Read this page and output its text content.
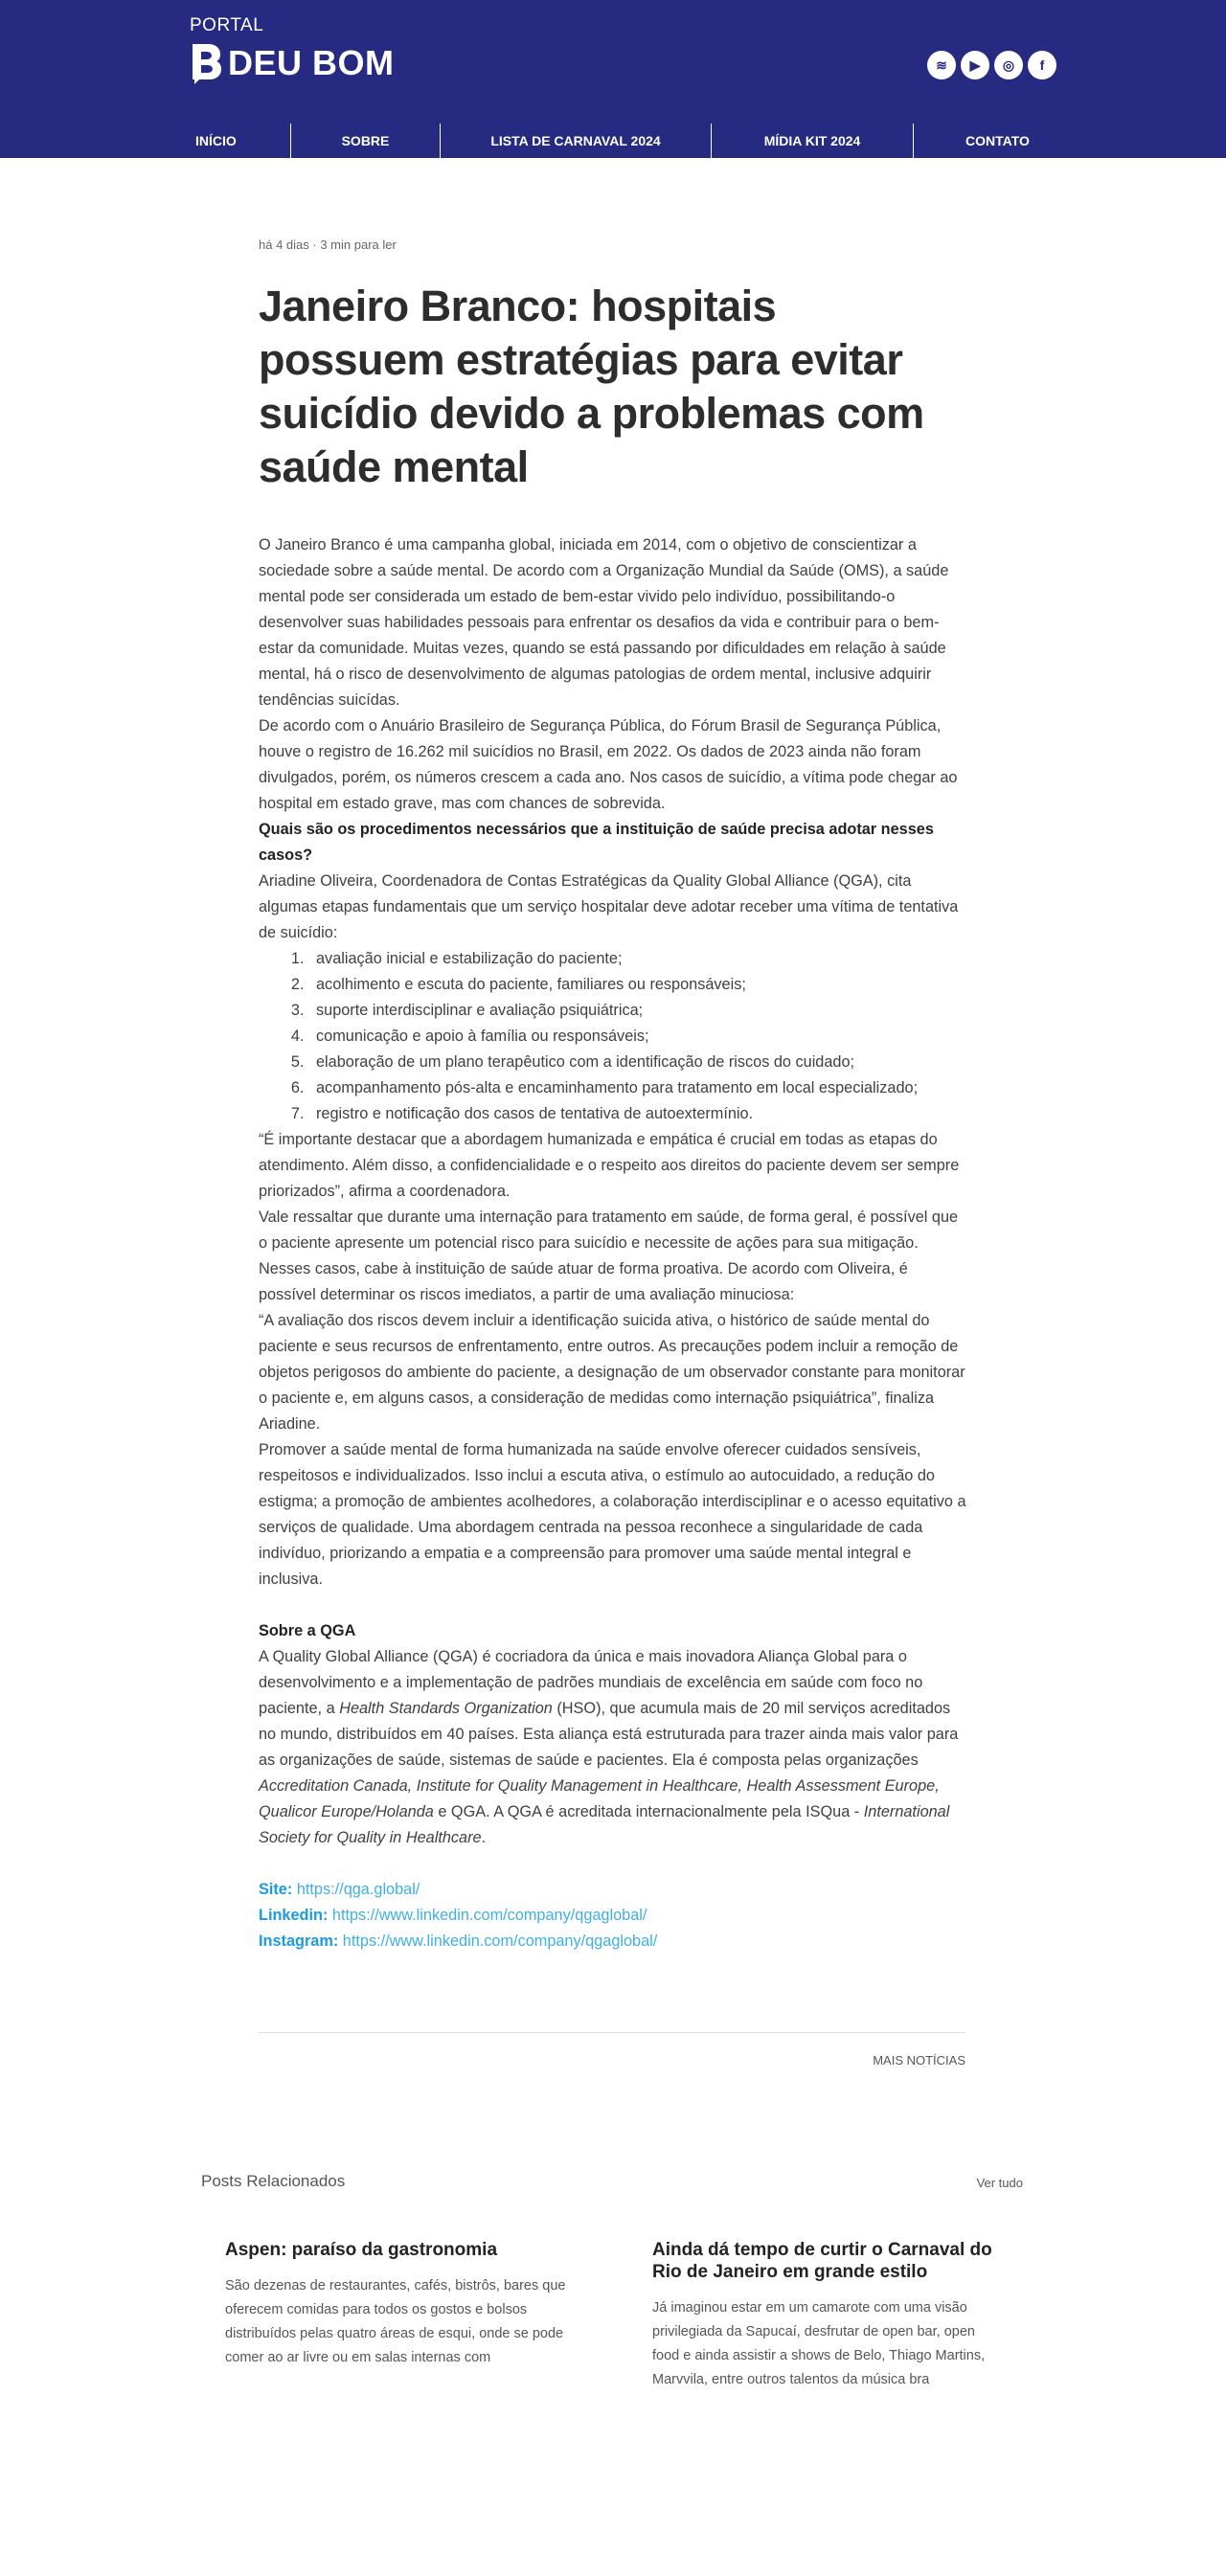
PORTAL
DEU BOM	≋	▶	◎	f
INÍCIO	SOBRE	LISTA DE CARNAVAL 2024	MÍDIA KIT 2024	CONTATO
há 4 dias · 3 min para ler
Janeiro Branco: hospitais possuem estratégias para evitar suicídio devido a problemas com saúde mental

O Janeiro Branco é uma campanha global, iniciada em 2014, com o objetivo de conscientizar a sociedade sobre a saúde mental. De acordo com a Organização Mundial da Saúde (OMS), a saúde mental pode ser considerada um estado de bem-estar vivido pelo indivíduo, possibilitando-o desenvolver suas habilidades pessoais para enfrentar os desafios da vida e contribuir para o bem-estar da comunidade. Muitas vezes, quando se está passando por dificuldades em relação à saúde mental, há o risco de desenvolvimento de algumas patologias de ordem mental, inclusive adquirir tendências suicídas.

De acordo com o Anuário Brasileiro de Segurança Pública, do Fórum Brasil de Segurança Pública, houve o registro de 16.262 mil suicídios no Brasil, em 2022. Os dados de 2023 ainda não foram divulgados, porém, os números crescem a cada ano. Nos casos de suicídio, a vítima pode chegar ao hospital em estado grave, mas com chances de sobrevida.

Quais são os procedimentos necessários que a instituição de saúde precisa adotar nesses casos?

Ariadine Oliveira, Coordenadora de Contas Estratégicas da Quality Global Alliance (QGA), cita algumas etapas fundamentais que um serviço hospitalar deve adotar receber uma vítima de tentativa de suicídio:

1. avaliação inicial e estabilização do paciente;
2. acolhimento e escuta do paciente, familiares ou responsáveis;
3. suporte interdisciplinar e avaliação psiquiátrica;
4. comunicação e apoio à família ou responsáveis;
5. elaboração de um plano terapêutico com a identificação de riscos do cuidado;
6. acompanhamento pós-alta e encaminhamento para tratamento em local especializado;
7. registro e notificação dos casos de tentativa de autoextermínio.

“É importante destacar que a abordagem humanizada e empática é crucial em todas as etapas do atendimento. Além disso, a confidencialidade e o respeito aos direitos do paciente devem ser sempre priorizados”, afirma a coordenadora.

Vale ressaltar que durante uma internação para tratamento em saúde, de forma geral, é possível que o paciente apresente um potencial risco para suicídio e necessite de ações para sua mitigação. Nesses casos, cabe à instituição de saúde atuar de forma proativa. De acordo com Oliveira, é possível determinar os riscos imediatos, a partir de uma avaliação minuciosa:

“A avaliação dos riscos devem incluir a identificação suicida ativa, o histórico de saúde mental do paciente e seus recursos de enfrentamento, entre outros. As precauções podem incluir a remoção de objetos perigosos do ambiente do paciente, a designação de um observador constante para monitorar o paciente e, em alguns casos, a consideração de medidas como internação psiquiátrica”, finaliza Ariadine.

Promover a saúde mental de forma humanizada na saúde envolve oferecer cuidados sensíveis, respeitosos e individualizados. Isso inclui a escuta ativa, o estímulo ao autocuidado, a redução do estigma; a promoção de ambientes acolhedores, a colaboração interdisciplinar e o acesso equitativo a serviços de qualidade. Uma abordagem centrada na pessoa reconhece a singularidade de cada indivíduo, priorizando a empatia e a compreensão para promover uma saúde mental integral e inclusiva.

Sobre a QGA

A Quality Global Alliance (QGA) é cocriadora da única e mais inovadora Aliança Global para o desenvolvimento e a implementação de padrões mundiais de excelência em saúde com foco no paciente, a Health Standards Organization (HSO), que acumula mais de 20 mil serviços acreditados no mundo, distribuídos em 40 países. Esta aliança está estruturada para trazer ainda mais valor para as organizações de saúde, sistemas de saúde e pacientes. Ela é composta pelas organizações Accreditation Canada, Institute for Quality Management in Healthcare, Health Assessment Europe, Qualicor Europe/Holanda e QGA. A QGA é acreditada internacionalmente pela ISQua - International Society for Quality in Healthcare.

Site: https://qga.global/

Linkedin: https://www.linkedin.com/company/qgaglobal/

Instagram: https://www.linkedin.com/company/qgaglobal/

MAIS NOTÍCIAS
Posts Relacionados	Ver tudo
Aspen: paraíso da gastronomia

São dezenas de restaurantes, cafés, bistrôs, bares que oferecem comidas para todos os gostos e bolsos distribuídos pelas quatro áreas de esqui, onde se pode comer ao ar livre ou em salas internas com

Ainda dá tempo de curtir o Carnaval do Rio de Janeiro em grande estilo

Já imaginou estar em um camarote com uma visão privilegiada da Sapucaí, desfrutar de open bar, open food e ainda assistir a shows de Belo, Thiago Martins, Marvvila, entre outros talentos da música bra
